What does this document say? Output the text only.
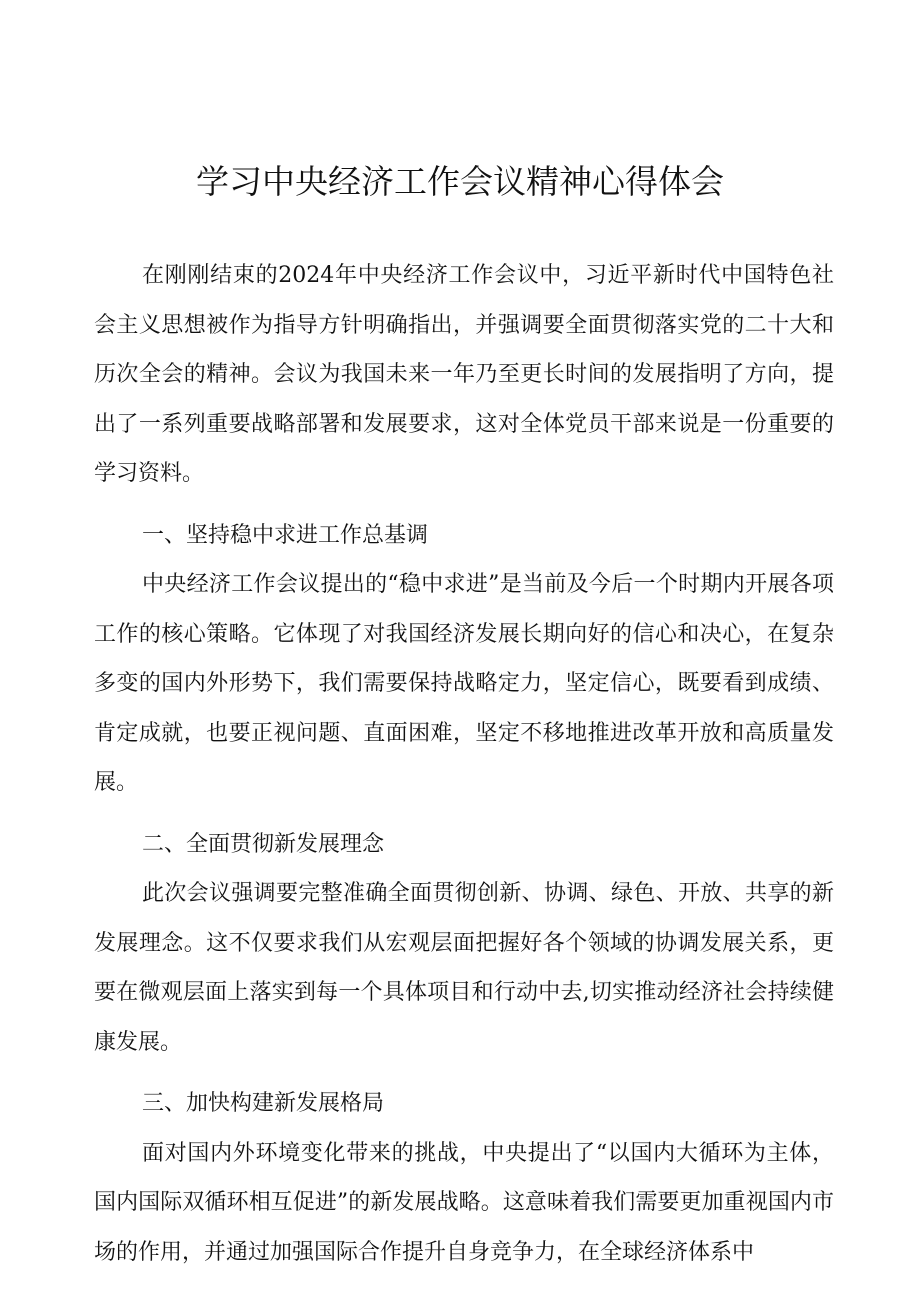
学习中央经济工作会议精神心得体会

在刚刚结束的2024年中央经济工作会议中，习近平新时代中国特色社会主义思想被作为指导方针明确指出，并强调要全面贯彻落实党的二十大和历次全会的精神。会议为我国未来一年乃至更长时间的发展指明了方向，提出了一系列重要战略部署和发展要求，这对全体党员干部来说是一份重要的学习资料。

一、坚持稳中求进工作总基调

中央经济工作会议提出的“稳中求进”是当前及今后一个时期内开展各项工作的核心策略。它体现了对我国经济发展长期向好的信心和决心，在复杂多变的国内外形势下，我们需要保持战略定力，坚定信心，既要看到成绩、肯定成就，也要正视问题、直面困难，坚定不移地推进改革开放和高质量发展。

二、全面贯彻新发展理念

此次会议强调要完整准确全面贯彻创新、协调、绿色、开放、共享的新发展理念。这不仅要求我们从宏观层面把握好各个领域的协调发展关系，更要在微观层面上落实到每一个具体项目和行动中去,切实推动经济社会持续健康发展。

三、加快构建新发展格局

面对国内外环境变化带来的挑战，中央提出了“以国内大循环为主体，国内国际双循环相互促进”的新发展战略。这意味着我们需要更加重视国内市场的作用，并通过加强国际合作提升自身竞争力，在全球经济体系中
